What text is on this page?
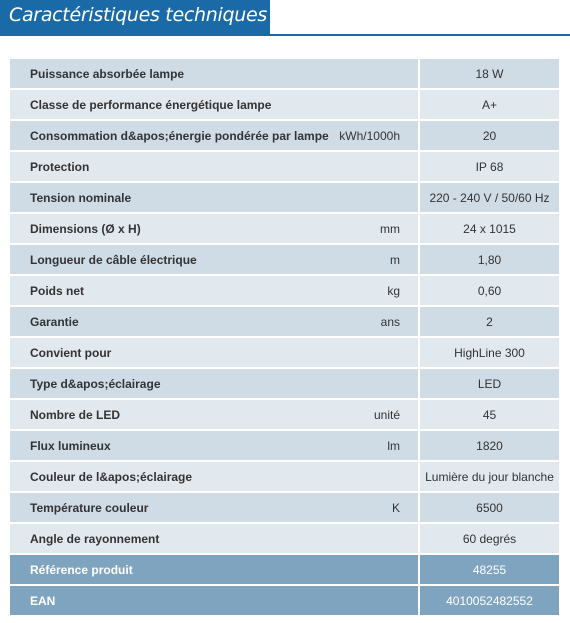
Caractéristiques techniques
Puissance absorbée lampe	18 W
Classe de performance énergétique lampe	A+
Consommation d&apos;énergie pondérée par lampe kWh/1000h	20
Protection	IP 68
Tension nominale	220 - 240 V / 50/60 Hz
Dimensions (Ø x H)	mm	24 x 1015
Longueur de câble électrique	m	1,80
Poids net	kg	0,60
Garantie	ans	2
Convient pour	HighLine 300
Type d&apos;éclairage	LED
Nombre de LED	unité	45
Flux lumineux	lm	1820
Couleur de l&apos;éclairage	Lumière du jour blanche
Température couleur	K	6500
Angle de rayonnement	60 degrés
Référence produit	48255
EAN	4010052482552
